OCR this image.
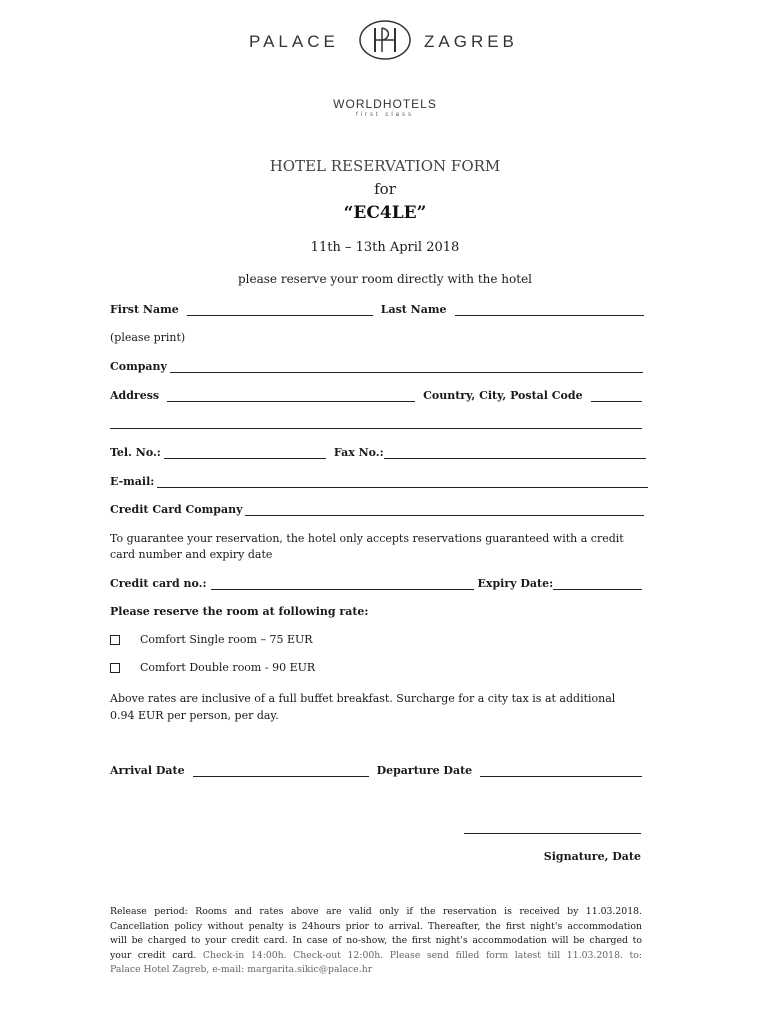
PALACE	ZAGREB
WORLDHOTELS
first class
HOTEL RESERVATION FORM
for
“EC4LE”
11th – 13th April 2018
please reserve your room directly with the hotel
First Name	Last Name
(please print)
Company
Address	Country, City, Postal Code
Tel. No.:	Fax No.:
E-mail:
Credit Card Company
To guarantee your reservation, the hotel only accepts reservations guaranteed with a credit card number and expiry date
Credit card no.:	Expiry Date:
Please reserve the room at following rate:
Comfort Single room – 75 EUR
Comfort Double room - 90 EUR
Above rates are inclusive of a full buffet breakfast. Surcharge for a city tax is at additional
0.94 EUR per person, per day.
Arrival Date	Departure Date
Signature, Date
Release period: Rooms and rates above are valid only if the reservation is received by 11.03.2018.
Cancellation policy without penalty is 24hours prior to arrival. Thereafter, the first night's accommodation
will be charged to your credit card. In case of no-show, the first night's accommodation will be charged to
your credit card. Check-in 14:00h. Check-out 12:00h. Please send filled form latest till 11.03.2018. to:
Palace Hotel Zagreb, e-mail: margarita.sikic@palace.hr
